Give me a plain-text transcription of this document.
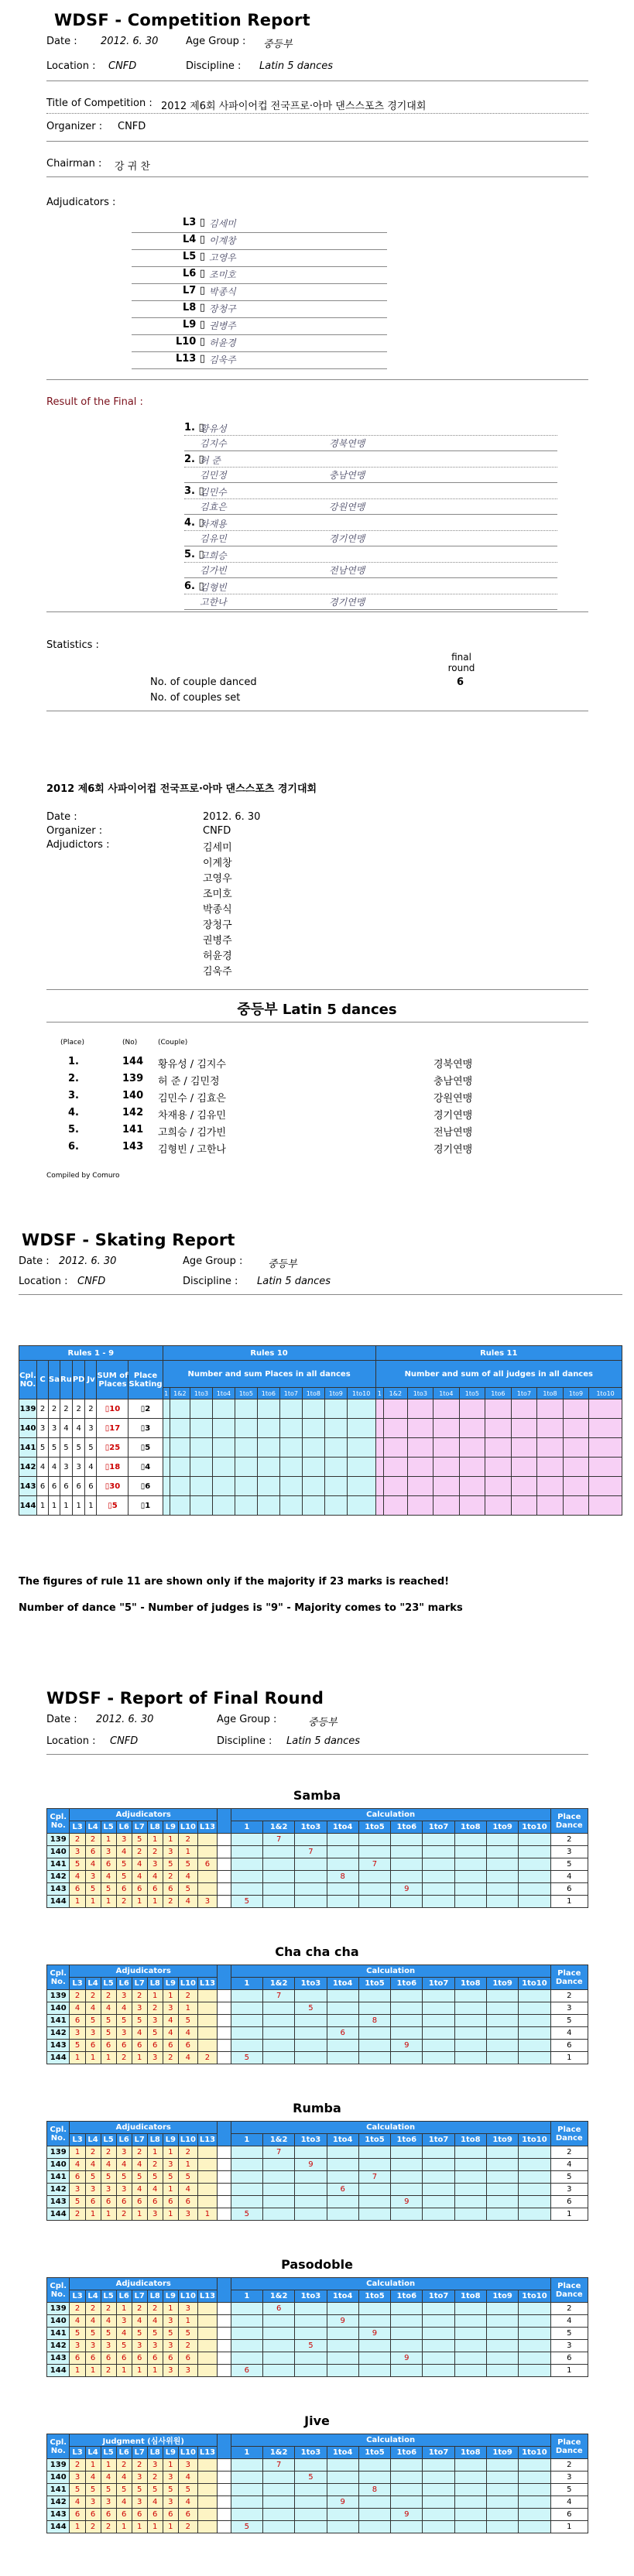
WDSF - Competition Report
Date : 2012. 6. 30	Age Group : 중등부
Location : CNFD	Discipline : Latin 5 dances
Title of Competition : 2012 제6회 사파이어컵 전국프로·아마 댄스스포츠 경기대회
Organizer : CNFD
Chairman : 강 귀 찬
Adjudicators :
L3 ▯ 김세미
L4 ▯ 이계창
L5 ▯ 고영우
L6 ▯ 조미호
L7 ▯ 박종식
L8 ▯ 장청구
L9 ▯ 권병주
L10 ▯ 허윤경
L13 ▯ 김욱주
Result of the Final :
1. ▯
황유성
김지수	경북연맹
2. ▯
허 준
김민정	충남연맹
3. ▯
김민수
김효은	강원연맹
4. ▯
차재용
김유민	경기연맹
5. ▯
고희승
김가빈	전남연맹
6. ▯
김형빈
고한나	경기연맹
Statistics :
final round
6
No. of couple danced
No. of couples set
2012 제6회 사파이어컵 전국프로·아마 댄스스포츠 경기대회
Date :	2012. 6. 30
Organizer :	CNFD
Adjudictors :	김세미
이계창
고영우
조미호
박종식
장청구
권병주
허윤경
김욱주
중등부 Latin 5 dances
(Place)	(No)	(Couple)
1.	144 황유성 / 김지수	경북연맹
2.	139 허 준 / 김민정	충남연맹
3.	140 김민수 / 김효은	강원연맹
4.	142 차재용 / 김유민	경기연맹
5.	141 고희승 / 김가빈	전남연맹
6.	143 김형빈 / 고한나	경기연맹
Compiled by Comuro
WDSF - Skating Report
Date : 2012. 6. 30	Age Group :	중등부
Location : CNFD	Discipline : Latin 5 dances
Rules 1 - 9								Rules 10										Rules 11									
Cpl. NO.	C	Sa	Ru	PD	Jv	SUM of Places	Place Skating	Number and sum Places in all dances										Number and sum of all judges in all dances									
								1	1&2	1to3	1to4	1to5	1to6	1to7	1to8	1to9	1to10	1	1&2	1to3	1to4	1to5	1to6	1to7	1to8	1to9	1to10
139	2	2	2	2	2	▯10	▯2																				
140	3	3	4	4	3	▯17	▯3																				
141	5	5	5	5	5	▯25	▯5																				
142	4	4	3	3	4	▯18	▯4																				
143	6	6	6	6	6	▯30	▯6																				
144	1	1	1	1	1	▯5	▯1																				
The figures of rule 11 are shown only if the majority if 23 marks is reached!
Number of dance "5" - Number of judges is "9" - Majority comes to "23" marks
WDSF - Report of Final Round
Date : 2012. 6. 30	Age Group :	중등부
Location : CNFD	Discipline : Latin 5 dances
Samba
Cpl. No.	Adjudicators										Calculation										Place Dance
	L3	L4	L5	L6	L7	L8	L9	L10	L13		1	1&2	1to3	1to4	1to5	1to6	1to7	1to8	1to9	1to10	
139	2	2	1	3	5	1	1	2				7									2
140	3	6	3	4	2	2	3	1					7								3
141	5	4	6	5	4	3	5	5	6						7						5
142	4	3	4	5	4	4	2	4						8							4
143	6	5	5	6	6	6	6	5								9					6
144	1	1	1	2	1	1	2	4	3		5										1
Cha cha cha
Cpl. No.	Adjudicators										Calculation										Place Dance
	L3	L4	L5	L6	L7	L8	L9	L10	L13		1	1&2	1to3	1to4	1to5	1to6	1to7	1to8	1to9	1to10	
139	2	2	2	3	2	1	1	2				7									2
140	4	4	4	4	3	2	3	1					5								3
141	6	5	5	5	5	3	4	5							8						5
142	3	3	5	3	4	5	4	4						6							4
143	5	6	6	6	6	6	6	6								9					6
144	1	1	1	2	1	3	2	4	2		5										1
Rumba
Cpl. No.	Adjudicators										Calculation										Place Dance
	L3	L4	L5	L6	L7	L8	L9	L10	L13		1	1&2	1to3	1to4	1to5	1to6	1to7	1to8	1to9	1to10	
139	1	2	2	3	2	1	1	2				7									2
140	4	4	4	4	4	2	3	1					9								4
141	6	5	5	5	5	5	5	5							7						5
142	3	3	3	3	4	4	1	4						6							3
143	5	6	6	6	6	6	6	6								9					6
144	2	1	1	2	1	3	1	3	1		5										1
Pasodoble
Cpl. No.	Adjudicators										Calculation										Place Dance
	L3	L4	L5	L6	L7	L8	L9	L10	L13		1	1&2	1to3	1to4	1to5	1to6	1to7	1to8	1to9	1to10	
139	2	2	2	1	2	2	1	3				6									2
140	4	4	4	3	4	4	3	1						9							4
141	5	5	5	4	5	5	5	5							9						5
142	3	3	3	5	3	3	3	2					5								3
143	6	6	6	6	6	6	6	6								9					6
144	1	1	2	1	1	1	3	3			6										1
Jive
Cpl. No.	Judgment (심사위원)										Calculation										Place Dance
	L3	L4	L5	L6	L7	L8	L9	L10	L13		1	1&2	1to3	1to4	1to5	1to6	1to7	1to8	1to9	1to10	
139	2	1	1	2	2	3	1	3				7									2
140	3	4	4	4	3	2	3	4					5								3
141	5	5	5	5	5	5	5	5							8						5
142	4	3	3	4	3	4	3	4						9							4
143	6	6	6	6	6	6	6	6								9					6
144	1	2	2	1	1	1	1	2			5										1
